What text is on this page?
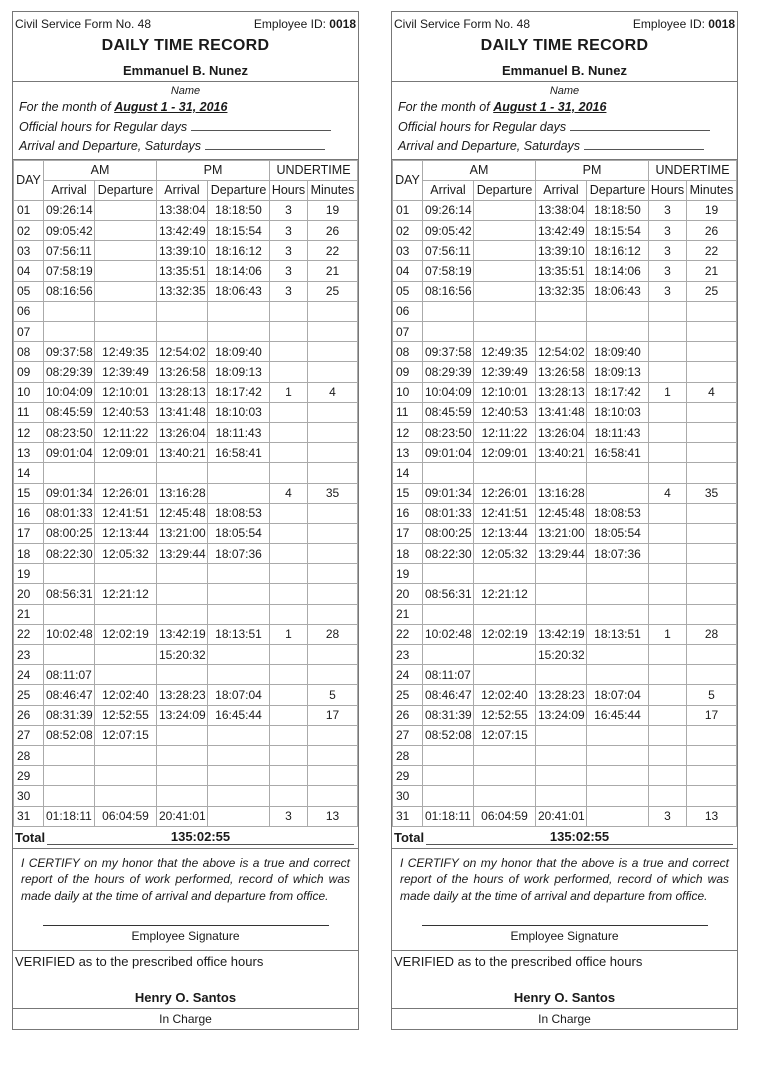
Civil Service Form No. 48	Employee ID: 0018
DAILY TIME RECORD
Emmanuel B. Nunez
Name
For the month of August 1 - 31, 2016
Official hours for Regular days
Arrival and Departure, Saturdays
DAY	AM		PM		UNDERTIME	
	Arrival	Departure	Arrival	Departure	Hours	Minutes
01	09:26:14		13:38:04	18:18:50	3	19
02	09:05:42		13:42:49	18:15:54	3	26
03	07:56:11		13:39:10	18:16:12	3	22
04	07:58:19		13:35:51	18:14:06	3	21
05	08:16:56		13:32:35	18:06:43	3	25
06						
07						
08	09:37:58	12:49:35	12:54:02	18:09:40		
09	08:29:39	12:39:49	13:26:58	18:09:13		
10	10:04:09	12:10:01	13:28:13	18:17:42	1	4
11	08:45:59	12:40:53	13:41:48	18:10:03		
12	08:23:50	12:11:22	13:26:04	18:11:43		
13	09:01:04	12:09:01	13:40:21	16:58:41		
14						
15	09:01:34	12:26:01	13:16:28		4	35
16	08:01:33	12:41:51	12:45:48	18:08:53		
17	08:00:25	12:13:44	13:21:00	18:05:54		
18	08:22:30	12:05:32	13:29:44	18:07:36		
19						
20	08:56:31	12:21:12				
21						
22	10:02:48	12:02:19	13:42:19	18:13:51	1	28
23			15:20:32			
24	08:11:07					
25	08:46:47	12:02:40	13:28:23	18:07:04		5
26	08:31:39	12:52:55	13:24:09	16:45:44		17
27	08:52:08	12:07:15				
28						
29						
30						
31	01:18:11	06:04:59	20:41:01		3	13
Total	135:02:55
I CERTIFY on my honor that the above is a true and correct report of the hours of work performed, record of which was made daily at the time of arrival and departure from office.
Employee Signature
VERIFIED as to the prescribed office hours
Henry O. Santos
In Charge
Civil Service Form No. 48	Employee ID: 0018
DAILY TIME RECORD
Emmanuel B. Nunez
Name
For the month of August 1 - 31, 2016
Official hours for Regular days
Arrival and Departure, Saturdays
DAY	AM		PM		UNDERTIME	
	Arrival	Departure	Arrival	Departure	Hours	Minutes
01	09:26:14		13:38:04	18:18:50	3	19
02	09:05:42		13:42:49	18:15:54	3	26
03	07:56:11		13:39:10	18:16:12	3	22
04	07:58:19		13:35:51	18:14:06	3	21
05	08:16:56		13:32:35	18:06:43	3	25
06						
07						
08	09:37:58	12:49:35	12:54:02	18:09:40		
09	08:29:39	12:39:49	13:26:58	18:09:13		
10	10:04:09	12:10:01	13:28:13	18:17:42	1	4
11	08:45:59	12:40:53	13:41:48	18:10:03		
12	08:23:50	12:11:22	13:26:04	18:11:43		
13	09:01:04	12:09:01	13:40:21	16:58:41		
14						
15	09:01:34	12:26:01	13:16:28		4	35
16	08:01:33	12:41:51	12:45:48	18:08:53		
17	08:00:25	12:13:44	13:21:00	18:05:54		
18	08:22:30	12:05:32	13:29:44	18:07:36		
19						
20	08:56:31	12:21:12				
21						
22	10:02:48	12:02:19	13:42:19	18:13:51	1	28
23			15:20:32			
24	08:11:07					
25	08:46:47	12:02:40	13:28:23	18:07:04		5
26	08:31:39	12:52:55	13:24:09	16:45:44		17
27	08:52:08	12:07:15				
28						
29						
30						
31	01:18:11	06:04:59	20:41:01		3	13
Total	135:02:55
I CERTIFY on my honor that the above is a true and correct report of the hours of work performed, record of which was made daily at the time of arrival and departure from office.
Employee Signature
VERIFIED as to the prescribed office hours
Henry O. Santos
In Charge
